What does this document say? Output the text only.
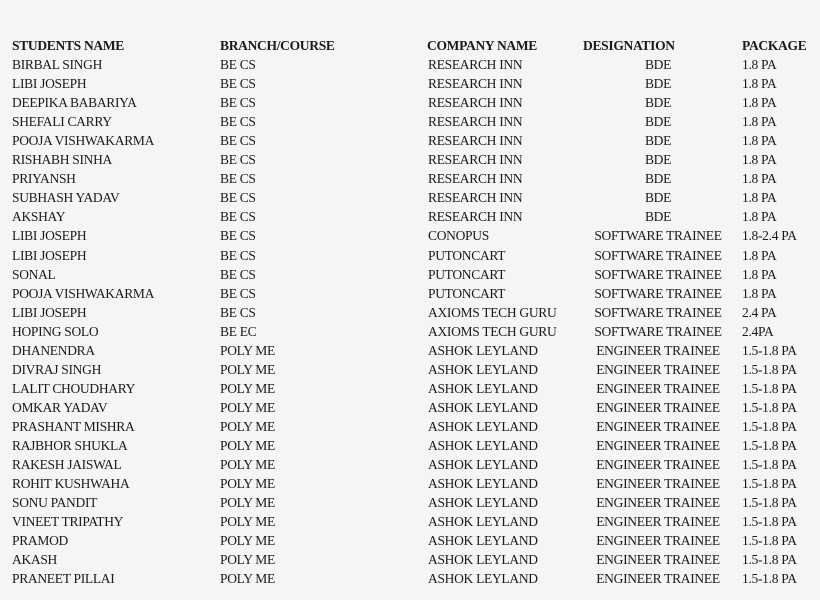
STUDENTS NAME	BRANCH/COURSE	COMPANY NAME	DESIGNATION	PACKAGE
BIRBAL SINGH	BE CS	RESEARCH INN	BDE	1.8 PA
LIBI JOSEPH	BE CS	RESEARCH INN	BDE	1.8 PA
DEEPIKA BABARIYA	BE CS	RESEARCH INN	BDE	1.8 PA
SHEFALI CARRY	BE CS	RESEARCH INN	BDE	1.8 PA
POOJA VISHWAKARMA	BE CS	RESEARCH INN	BDE	1.8 PA
RISHABH SINHA	BE CS	RESEARCH INN	BDE	1.8 PA
PRIYANSH	BE CS	RESEARCH INN	BDE	1.8 PA
SUBHASH YADAV	BE CS	RESEARCH INN	BDE	1.8 PA
AKSHAY	BE CS	RESEARCH INN	BDE	1.8 PA
LIBI JOSEPH	BE CS	CONOPUS	SOFTWARE TRAINEE	1.8-2.4 PA
LIBI JOSEPH	BE CS	PUTONCART	SOFTWARE TRAINEE	1.8 PA
SONAL	BE CS	PUTONCART	SOFTWARE TRAINEE	1.8 PA
POOJA VISHWAKARMA	BE CS	PUTONCART	SOFTWARE TRAINEE	1.8 PA
LIBI JOSEPH	BE CS	AXIOMS TECH GURU	SOFTWARE TRAINEE	2.4 PA
HOPING SOLO	BE EC	AXIOMS TECH GURU	SOFTWARE TRAINEE	2.4PA
DHANENDRA	POLY ME	ASHOK LEYLAND	ENGINEER TRAINEE	1.5-1.8 PA
DIVRAJ SINGH	POLY ME	ASHOK LEYLAND	ENGINEER TRAINEE	1.5-1.8 PA
LALIT CHOUDHARY	POLY ME	ASHOK LEYLAND	ENGINEER TRAINEE	1.5-1.8 PA
OMKAR YADAV	POLY ME	ASHOK LEYLAND	ENGINEER TRAINEE	1.5-1.8 PA
PRASHANT MISHRA	POLY ME	ASHOK LEYLAND	ENGINEER TRAINEE	1.5-1.8 PA
RAJBHOR SHUKLA	POLY ME	ASHOK LEYLAND	ENGINEER TRAINEE	1.5-1.8 PA
RAKESH JAISWAL	POLY ME	ASHOK LEYLAND	ENGINEER TRAINEE	1.5-1.8 PA
ROHIT KUSHWAHA	POLY ME	ASHOK LEYLAND	ENGINEER TRAINEE	1.5-1.8 PA
SONU PANDIT	POLY ME	ASHOK LEYLAND	ENGINEER TRAINEE	1.5-1.8 PA
VINEET TRIPATHY	POLY ME	ASHOK LEYLAND	ENGINEER TRAINEE	1.5-1.8 PA
PRAMOD	POLY ME	ASHOK LEYLAND	ENGINEER TRAINEE	1.5-1.8 PA
AKASH	POLY ME	ASHOK LEYLAND	ENGINEER TRAINEE	1.5-1.8 PA
PRANEET PILLAI	POLY ME	ASHOK LEYLAND	ENGINEER TRAINEE	1.5-1.8 PA
